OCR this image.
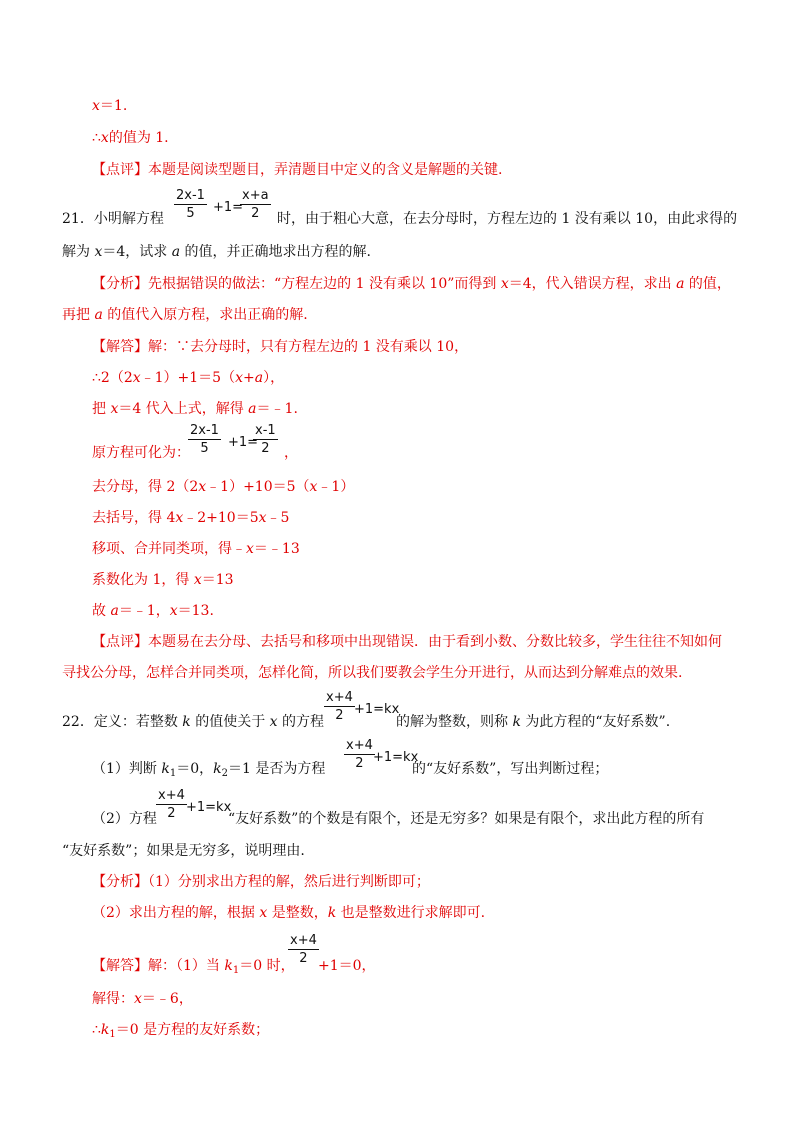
x＝1.
∴x的值为 1.
【点评】本题是阅读型题目，弄清题目中定义的含义是解题的关键.
21．小明解方程 $\frac{2x-1}{5} +1=$
$\frac{x+a}{2}$ 时，由于粗心大意，在去分母时，方程左边的 1 没有乘以 10，由此求得的
解为 x＝4，试求 a 的值，并正确地求出方程的解.
【分析】先根据错误的做法：“方程左边的 1 没有乘以 10”而得到 x＝4，代入错误方程，求出 a 的值，
再把 a 的值代入原方程，求出正确的解.
【解答】解：∵去分母时，只有方程左边的 1 没有乘以 10，
∴2（2x﹣1）+1＝5（x+a），
把 x＝4 代入上式，解得 a＝﹣1.
原方程可化为：
$\frac{2x-1}{5} +1=$
$\frac{x-1}{2}$ ，
去分母，得 2（2x﹣1）+10＝5（x﹣1）
去括号，得 4x﹣2+10＝5x﹣5
移项、合并同类项，得﹣x＝﹣13
系数化为 1，得 x＝13
故 a＝﹣1，x＝13.
【点评】本题易在去分母、去括号和移项中出现错误．由于看到小数、分数比较多，学生往往不知如何
寻找公分母，怎样合并同类项，怎样化简，所以我们要教会学生分开进行，从而达到分解难点的效果.
22．定义：若整数 k 的值使关于 x 的方程 $\frac{x+4}{2} +1=kx$
的解为整数，则称 k 为此方程的“友好系数”.
（1）判断 $k_1=0$，$k_2=1$ 是否为方程 $\frac{x+4}{2}$
+1=kx
的“友好系数”，写出判断过程；
（2）方程 $\frac{x+4}{2} +1=kx$
“友好系数”的个数是有限个，还是无穷多？如果是有限个，求出此方程的所有
“友好系数”；如果是无穷多，说明理由.
【分析】（1）分别求出方程的解，然后进行判断即可；
（2）求出方程的解，根据 x 是整数，k 也是整数进行求解即可.
【解答】解：（1）当 $k_1=0$ 时，
$\frac{x+4}{2} +1=0$，
解得：x＝﹣6，
$\therefore k_1=0$ 是方程的友好系数；
